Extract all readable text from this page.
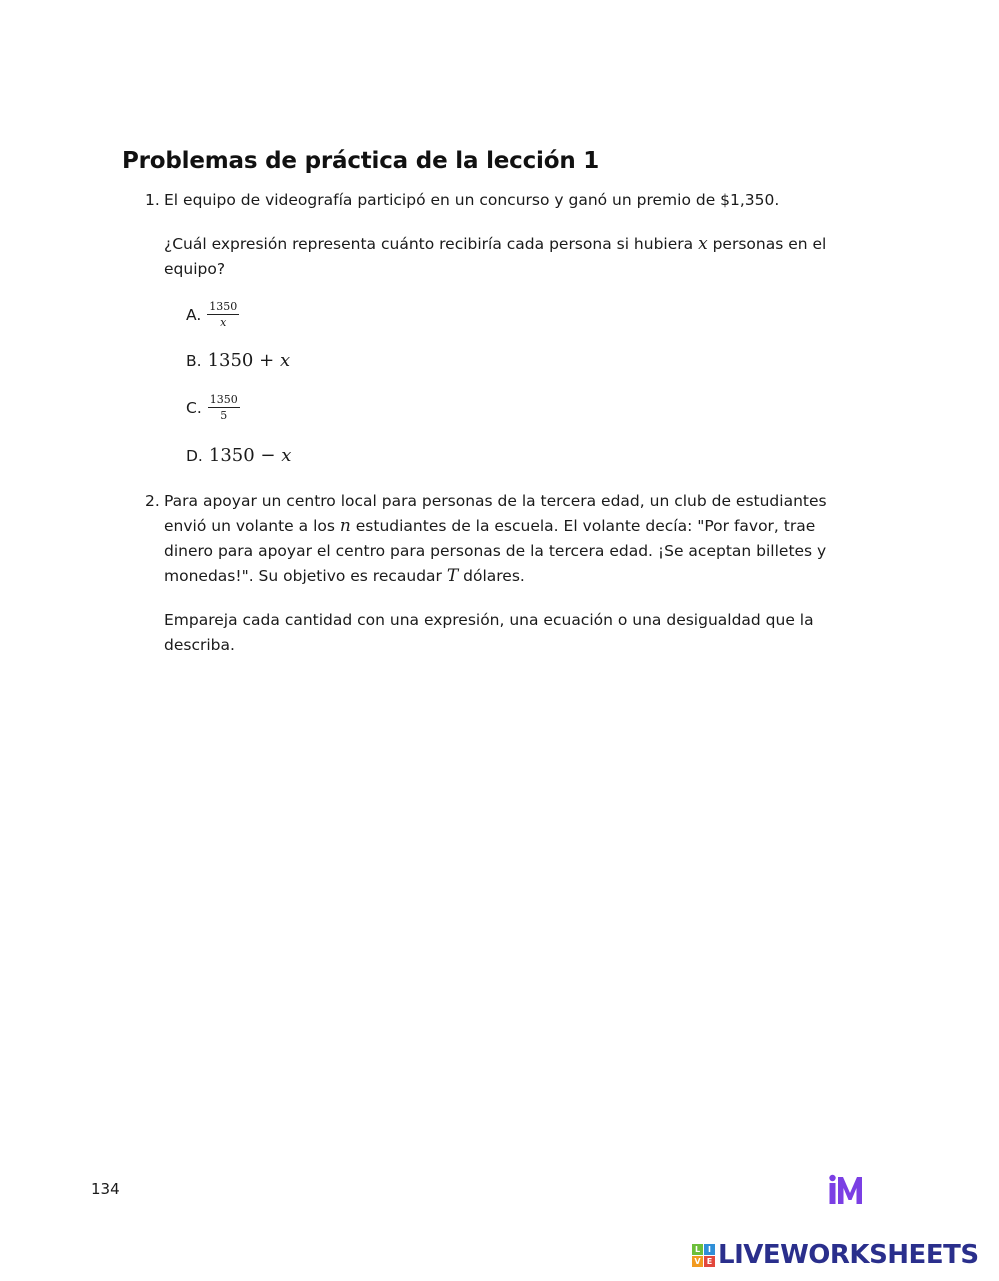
Problemas de práctica de la lección 1
1. El equipo de videografía participó en un concurso y ganó un premio de $1,350.

¿Cuál expresión representa cuánto recibiría cada persona si hubiera x personas en el equipo?

A. $\frac{1350}{x}$
B. 1350 + x
C. $\frac{1350}{5}$
D. 1350 − x
2. Para apoyar un centro local para personas de la tercera edad, un club de estudiantes envió un volante a los n estudiantes de la escuela. El volante decía: "Por favor, trae dinero para apoyar el centro para personas de la tercera edad. ¡Se aceptan billetes y monedas!". Su objetivo es recaudar T dólares.

Empareja cada cantidad con una expresión, una ecuación o una desigualdad que la describa.

134
L I
V E LIVEWORKSHEETS
